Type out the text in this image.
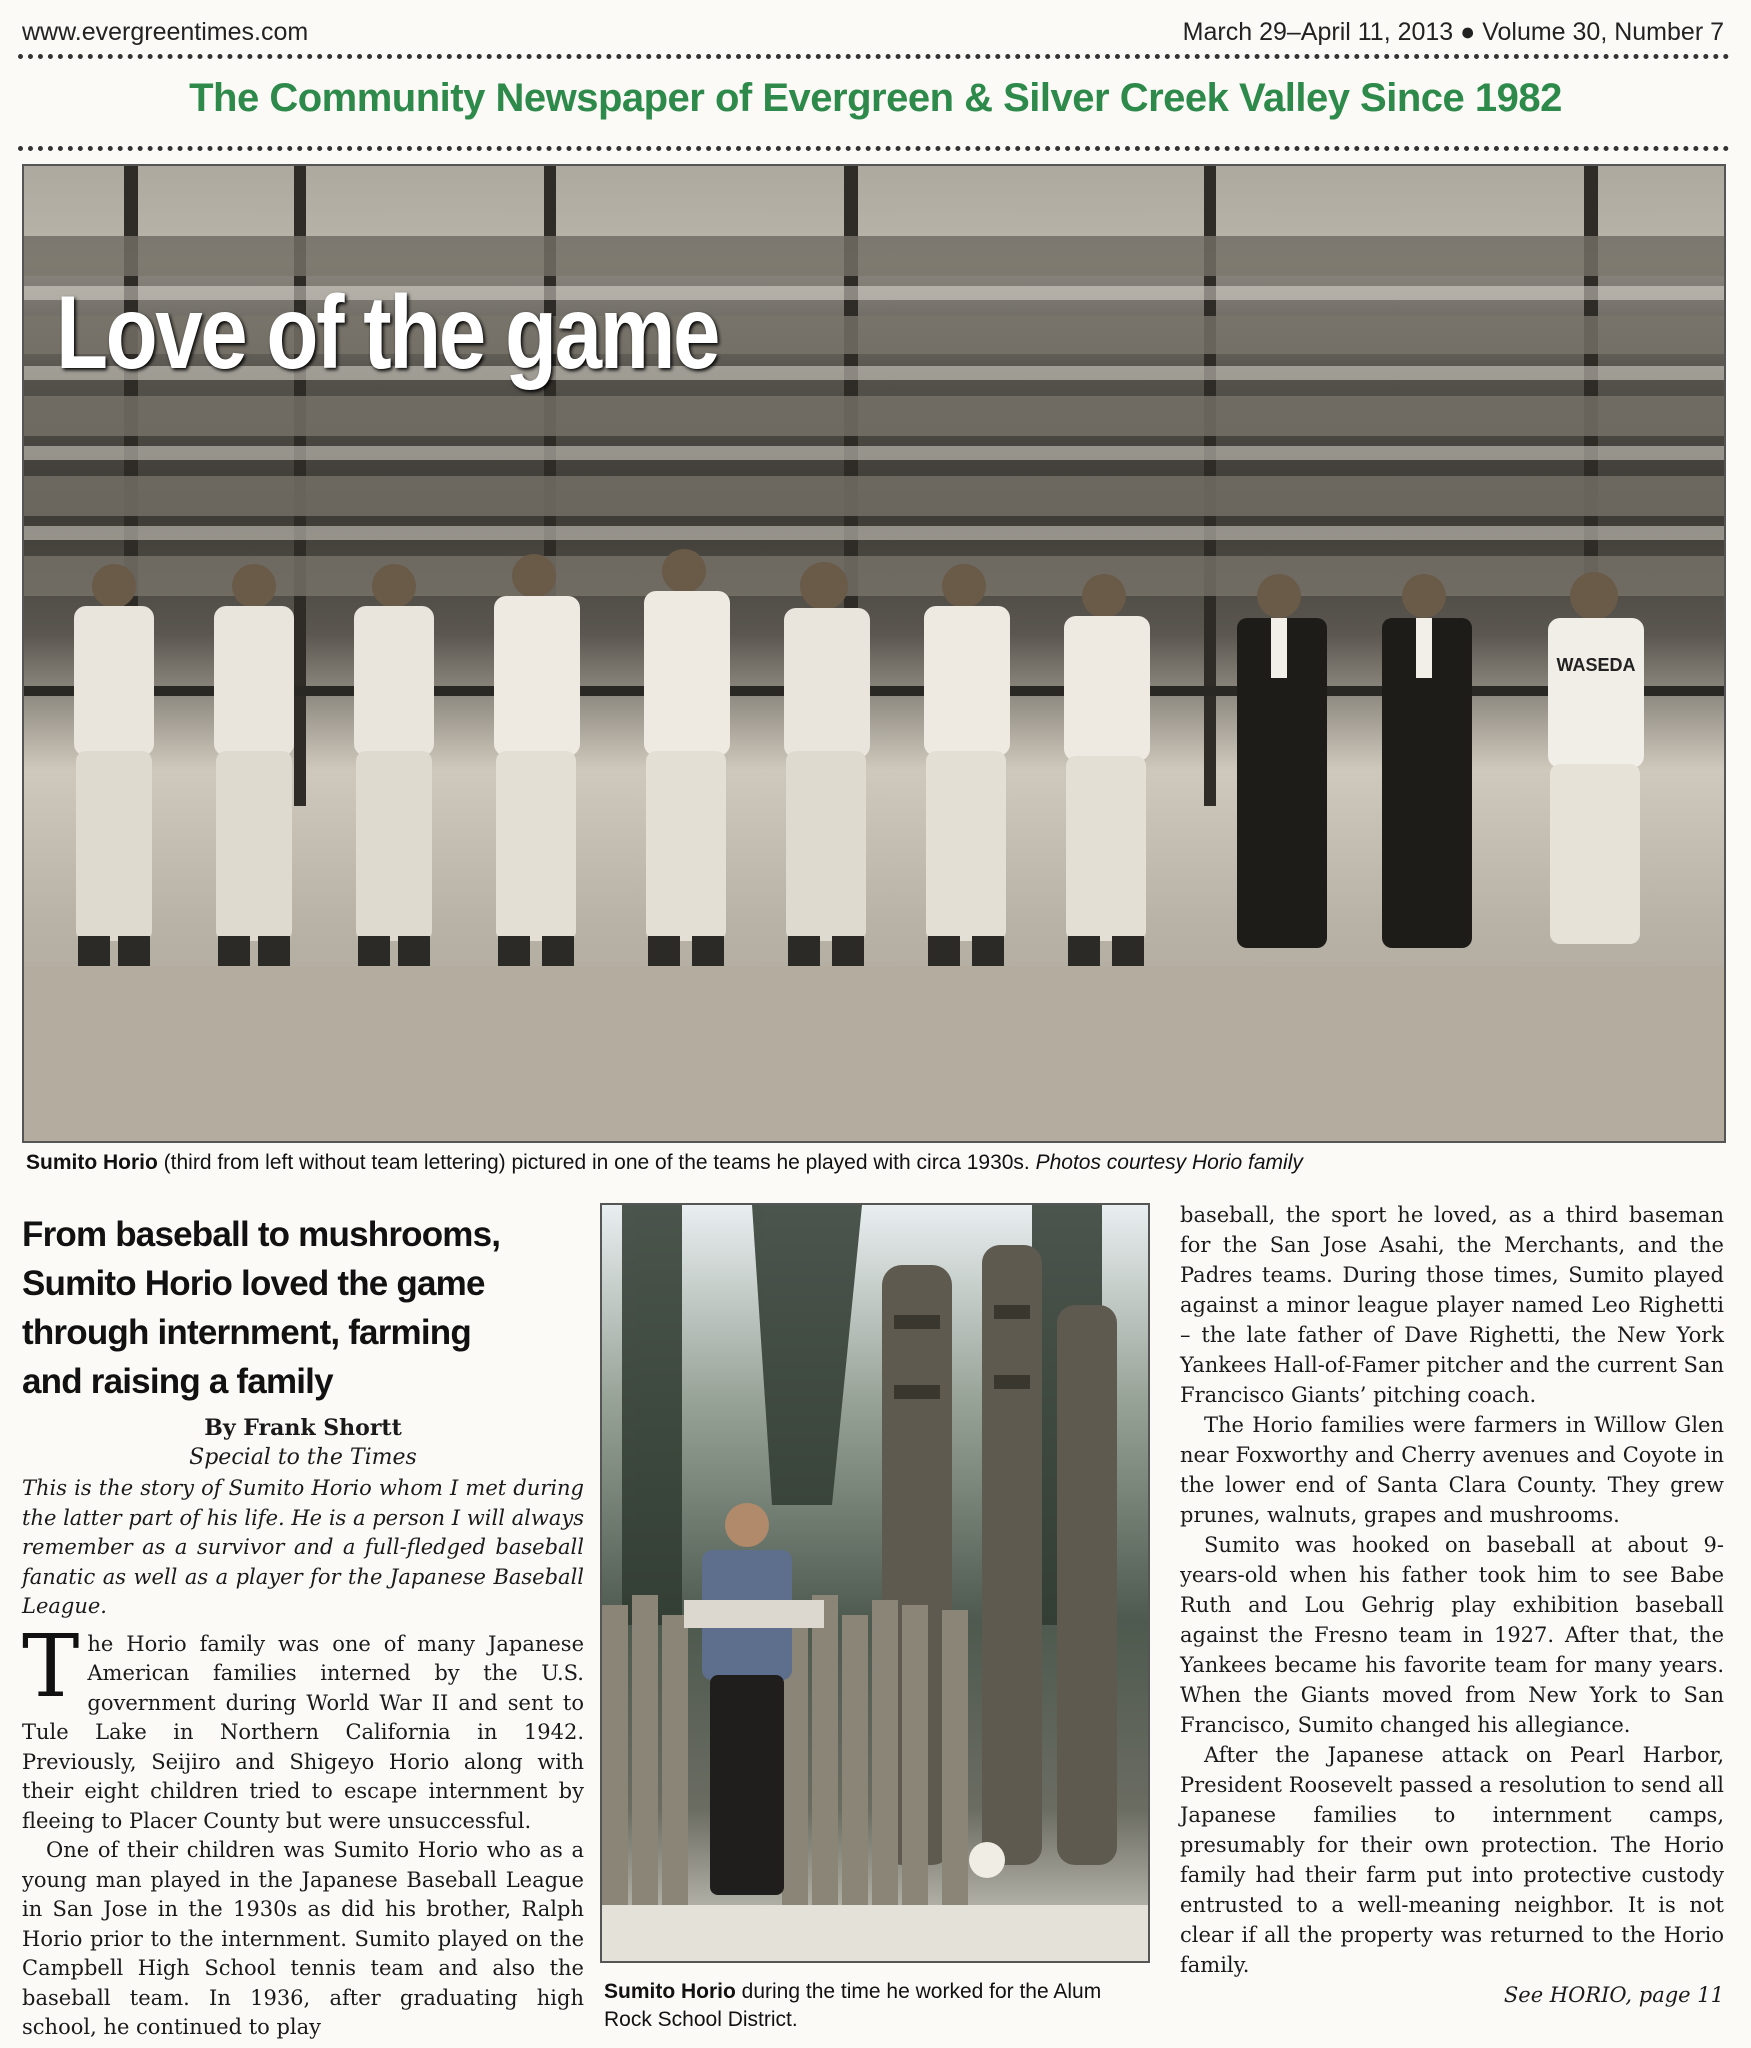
www.evergreentimes.com	March 29–April 11, 2013 ● Volume 30, Number 7
The Community Newspaper of Evergreen & Silver Creek Valley Since 1982
WASEDA
Love of the game
Sumito Horio (third from left without team lettering) pictured in one of the teams he played with circa 1930s. Photos courtesy Horio family
From baseball to mushrooms,
Sumito Horio loved the game
through internment, farming
and raising a family
By Frank Shortt
Special to the Times

This is the story of Sumito Horio whom I met during the latter part of his life. He is a person I will always remember as a survivor and a full-fledged baseball fanatic as well as a player for the Japanese Baseball League.

The Horio family was one of many Japanese American families interned by the U.S. government during World War II and sent to Tule Lake in Northern California in 1942. Previously, Seijiro and Shigeyo Horio along with their eight children tried to escape internment by fleeing to Placer County but were unsuccessful.

One of their children was Sumito Horio who as a young man played in the Japanese Baseball League in San Jose in the 1930s as did his brother, Ralph Horio prior to the internment. Sumito played on the Campbell High School tennis team and also the baseball team. In 1936, after graduating high school, he continued to play

Sumito Horio during the time he worked for the Alum Rock School District.

baseball, the sport he loved, as a third baseman for the San Jose Asahi, the Merchants, and the Padres teams. During those times, Sumito played against a minor league player named Leo Righetti – the late father of Dave Righetti, the New York Yankees Hall-of-Famer pitcher and the current San Francisco Giants’ pitching coach.

The Horio families were farmers in Willow Glen near Foxworthy and Cherry avenues and Coyote in the lower end of Santa Clara County. They grew prunes, walnuts, grapes and mushrooms.

Sumito was hooked on baseball at about 9-years-old when his father took him to see Babe Ruth and Lou Gehrig play exhibition baseball against the Fresno team in 1927. After that, the Yankees became his favorite team for many years. When the Giants moved from New York to San Francisco, Sumito changed his allegiance.

After the Japanese attack on Pearl Harbor, President Roosevelt passed a resolution to send all Japanese families to internment camps, presumably for their own protection. The Horio family had their farm put into protective custody entrusted to a well-meaning neighbor. It is not clear if all the property was returned to the Horio family.

See HORIO, page 11
